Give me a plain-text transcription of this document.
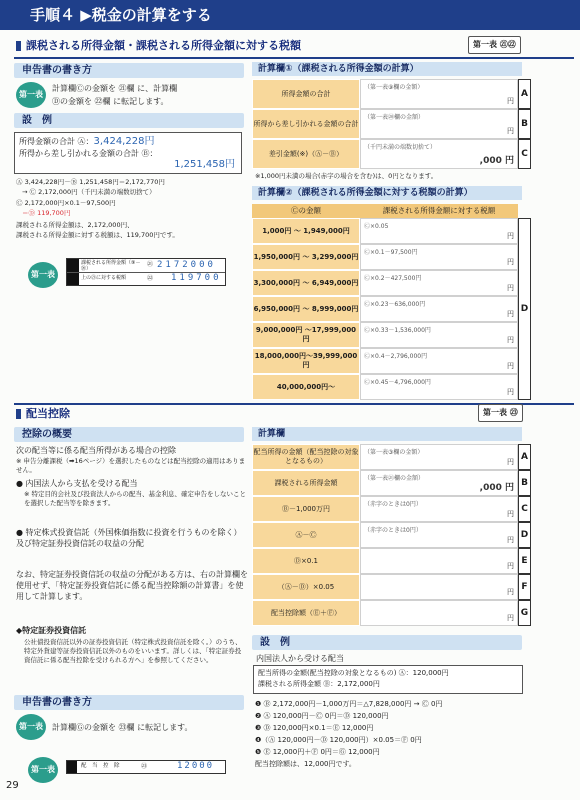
手順４ ▶税金の計算をする
課税される所得金額・課税される所得金額に対する税額	第一表 ㉑㉒
申告書の書き方
第一表
計算欄Ⓒの金額を ㉑欄 に、計算欄
Ⓓの金額を ㉒欄 に転記します。
設　例
所得金額の合計 Ⓐ：3,424,228円
所得から差し引かれる金額の合計 Ⓑ：
1,251,458円
Ⓐ 3,424,228円－Ⓑ 1,251,458円＝2,172,770円
→ Ⓒ 2,172,000円（千円未満の端数切捨て）
Ⓒ 2,172,000円×0.1－97,500円
＝Ⓓ 119,700円
課税される所得金額は、2,172,000円、
課税される所得金額に対する税額は、119,700円です。
第一表
課税される所得金額（⑨－⑳）
上の㉑に対する税額
㉑
㉒
2172000
119700
計算欄①（課税される所得金額の計算）
所得金額の合計
（第一表⑨欄の金額）
円
A
所得から差し引かれる金額の合計
（第一表⑳欄の金額）
円
B
差引金額(※)（Ⓐ－Ⓑ）
（千円未満の端数切捨て）
,000 円
C
※1,000円未満の場合(赤字の場合を含む)は、0円となります。
計算欄②（課税される所得金額に対する税額の計算）
Ⓒの金額	課税される所得金額に対する税額
1,000円 ～ 1,949,000円	Ⓒ×0.05
円
1,950,000円 ～ 3,299,000円 Ⓒ×0.1－97,500円
円
3,300,000円 ～ 6,949,000円 Ⓒ×0.2－427,500円
円
6,950,000円 ～ 8,999,000円 Ⓒ×0.23－636,000円
円
9,000,000円 ～17,999,000円
Ⓒ×0.33－1,536,000円
円
18,000,000円～39,999,000円
Ⓒ×0.4－2,796,000円
円
40,000,000円～	Ⓒ×0.45－4,796,000円
円
D
配当控除	第一表 ㉓
控除の概要
次の配当等に係る配当所得がある場合の控除
※ 申告分離課税（➡16ページ）を選択したものなどは配当控除の適用はありません。
● 内国法人から支払を受ける配当
※ 特定目的会社及び投資法人からの配当、基金利息、確定申告をしないことを選択した配当等を除きます。
● 特定株式投資信託（外国株価指数に投資を行うものを除く）及び特定証券投資信託の収益の分配
なお、特定証券投資信託の収益の分配がある方は、右の計算欄を使用せず、「特定証券投資信託に係る配当控除額の計算書」を使用して計算します。
◆特定証券投資信託
公社債投資信託以外の証券投資信託（特定株式投資信託を除く。）のうち、特定外貨建等証券投資信託以外のものをいいます。詳しくは、「特定証券投資信託に係る配当控除を受けられる方へ」を参照してください。
申告書の書き方
第一表	計算欄Ⓖの金額を ㉓欄 に転記します。
第一表	配　当　控　除	㉓	12000
計算欄
配当所得の金額（配当控除の対象となるもの）
（第一表③欄の金額）
円 A
課税される所得金額	（第一表㉑欄の金額）
,000 円 B
Ⓑ－1,000万円	（赤字のときは0円）
円 C
Ⓐ－Ⓒ	（赤字のときは0円）
円 D
Ⓓ×0.1
円 E
（Ⓐ－Ⓓ）×0.05
円 F
配当控除額（Ⓔ＋Ⓕ）
円 G
設　例
内国法人から受ける配当
配当所得の金額(配当控除の対象となるもの) Ⓐ：120,000円
課税される所得金額 Ⓑ：2,172,000円
❶ Ⓑ 2,172,000円－1,000万円＝△7,828,000円 → Ⓒ 0円
❷ Ⓐ 120,000円－Ⓒ 0円＝Ⓓ 120,000円
❸ Ⓓ 120,000円×0.1＝Ⓔ 12,000円
❹（Ⓐ 120,000円－Ⓓ 120,000円）×0.05＝Ⓕ 0円
❺ Ⓔ 12,000円＋Ⓕ 0円＝Ⓖ 12,000円
配当控除額は、12,000円です。
29
